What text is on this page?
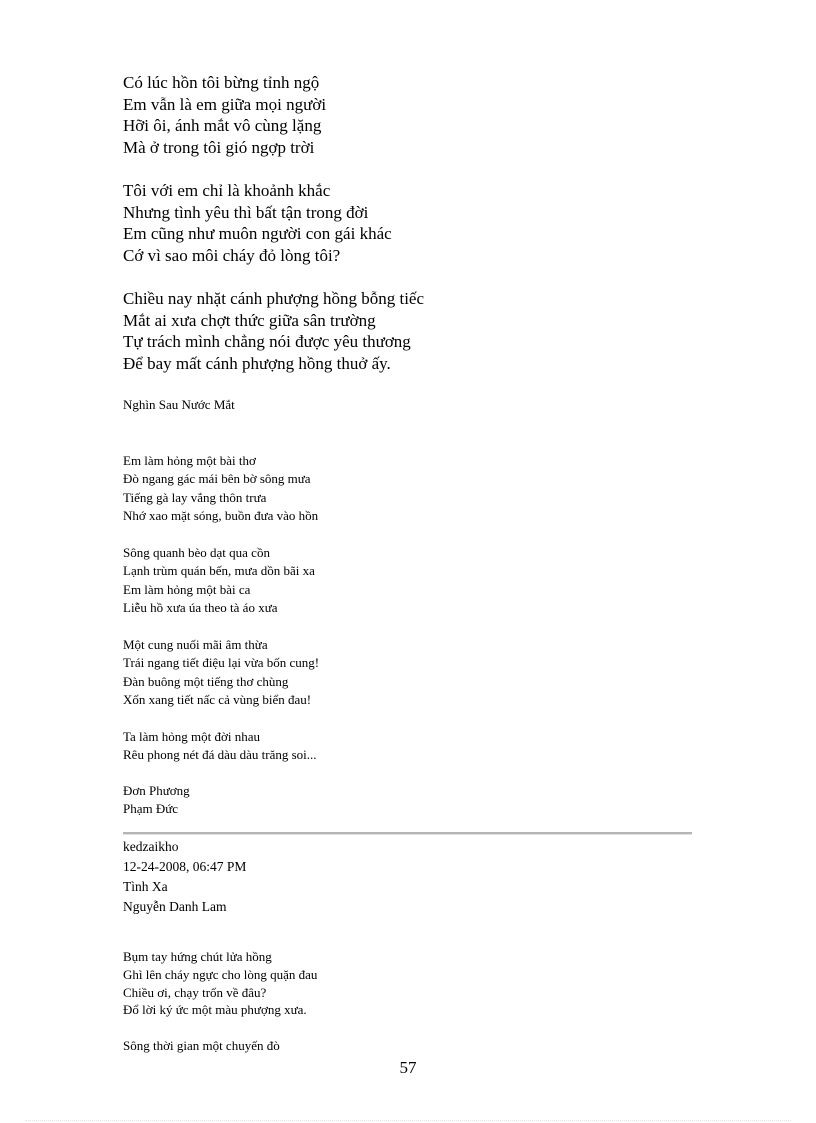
Có lúc hồn tôi bừng tỉnh ngộ
Em vẫn là em giữa mọi người
Hỡi ôi, ánh mắt vô cùng lặng
Mà ở trong tôi gió ngợp trời
Tôi với em chỉ là khoảnh khắc
Nhưng tình yêu thì bất tận trong đời
Em cũng như muôn người con gái khác
Cớ vì sao môi cháy đỏ lòng tôi?
Chiều nay nhặt cánh phượng hồng bỗng tiếc
Mắt ai xưa chợt thức giữa sân trường
Tự trách mình chẳng nói được yêu thương
Để bay mất cánh phượng hồng thuở ấy.
Nghìn Sau Nước Mắt
Em làm hỏng một bài thơ
Đò ngang gác mái bên bờ sông mưa
Tiếng gà lay vắng thôn trưa
Nhớ xao mặt sóng, buồn đưa vào hồn
Sông quanh bèo dạt qua cồn
Lạnh trùm quán bến, mưa dồn bãi xa
Em làm hỏng một bài ca
Liễu hồ xưa úa theo tà áo xưa
Một cung nuối mãi âm thừa
Trái ngang tiết điệu lại vừa bốn cung!
Đàn buông một tiếng thơ chùng
Xốn xang tiết nấc cả vùng biển đau!
Ta làm hỏng một đời nhau
Rêu phong nét đá dàu dàu trăng soi...
Đơn Phương
Phạm Đức
kedzaikho
12-24-2008, 06:47 PM
Tình Xa
Nguyễn Danh Lam
Bụm tay hứng chút lửa hồng
Ghì lên cháy ngực cho lòng quặn đau
Chiều ơi, chạy trốn về đâu?
Đổ lời ký ức một màu phượng xưa.
Sông thời gian một chuyến đò
57
